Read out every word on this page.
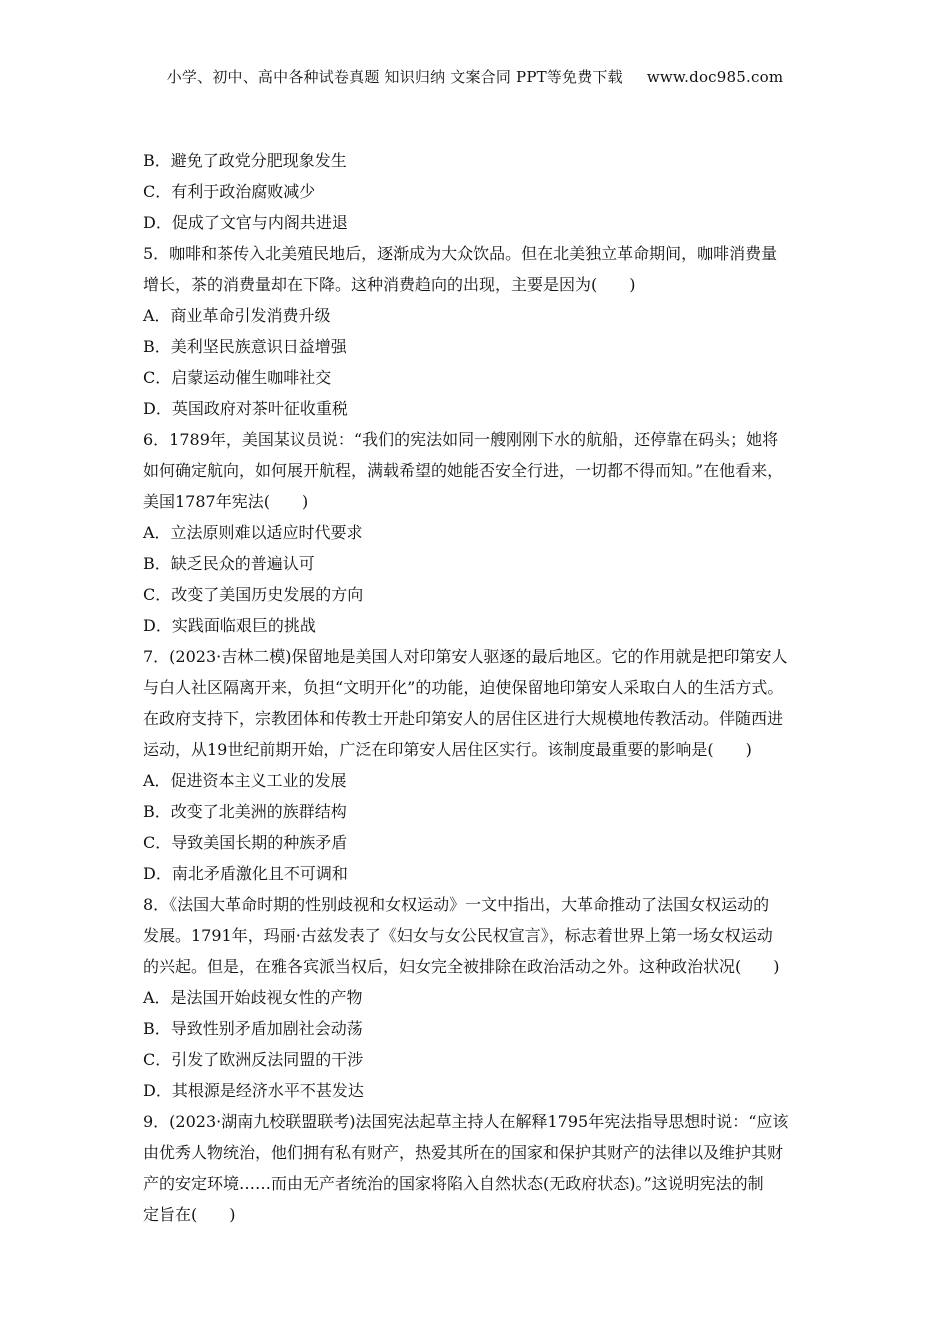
小学、初中、高中各种试卷真题 知识归纳 文案合同 PPT等免费下载 www.doc985.com
B．避免了政党分肥现象发生
C．有利于政治腐败减少
D．促成了文官与内阁共进退
5．咖啡和茶传入北美殖民地后，逐渐成为大众饮品。但在北美独立革命期间，咖啡消费量
增长，茶的消费量却在下降。这种消费趋向的出现，主要是因为(　　)
A．商业革命引发消费升级
B．美利坚民族意识日益增强
C．启蒙运动催生咖啡社交
D．英国政府对茶叶征收重税
6．1789年，美国某议员说：“我们的宪法如同一艘刚刚下水的航船，还停靠在码头；她将
如何确定航向，如何展开航程，满载希望的她能否安全行进，一切都不得而知。”在他看来，
美国1787年宪法(　　)
A．立法原则难以适应时代要求
B．缺乏民众的普遍认可
C．改变了美国历史发展的方向
D．实践面临艰巨的挑战
7．(2023·吉林二模)保留地是美国人对印第安人驱逐的最后地区。它的作用就是把印第安人
与白人社区隔离开来，负担“文明开化”的功能，迫使保留地印第安人采取白人的生活方式。
在政府支持下，宗教团体和传教士开赴印第安人的居住区进行大规模地传教活动。伴随西进
运动，从19世纪前期开始，广泛在印第安人居住区实行。该制度最重要的影响是(　　)
A．促进资本主义工业的发展
B．改变了北美洲的族群结构
C．导致美国长期的种族矛盾
D．南北矛盾激化且不可调和
8．《法国大革命时期的性别歧视和女权运动》一文中指出，大革命推动了法国女权运动的
发展。1791年，玛丽·古兹发表了《妇女与女公民权宣言》，标志着世界上第一场女权运动
的兴起。但是，在雅各宾派当权后，妇女完全被排除在政治活动之外。这种政治状况(　　)
A．是法国开始歧视女性的产物
B．导致性别矛盾加剧社会动荡
C．引发了欧洲反法同盟的干涉
D．其根源是经济水平不甚发达
9．(2023·湖南九校联盟联考)法国宪法起草主持人在解释1795年宪法指导思想时说：“应该
由优秀人物统治，他们拥有私有财产，热爱其所在的国家和保护其财产的法律以及维护其财
产的安定环境……而由无产者统治的国家将陷入自然状态(无政府状态)。”这说明宪法的制
定旨在(　　)
